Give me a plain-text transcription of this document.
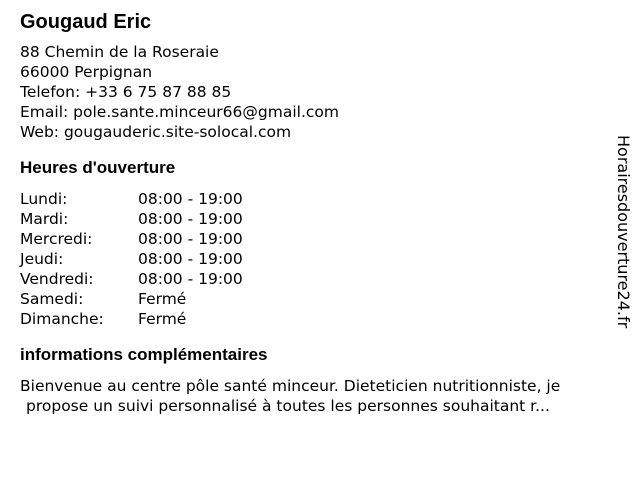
Gougaud Eric
88 Chemin de la Roseraie
66000 Perpignan
Telefon: +33 6 75 87 88 85
Email: pole.sante.minceur66@gmail.com
Web: gougauderic.site-solocal.com
Heures d'ouverture
Lundi:	08:00 - 19:00
Mardi:	08:00 - 19:00
Mercredi:	08:00 - 19:00
Jeudi:	08:00 - 19:00
Vendredi:	08:00 - 19:00
Samedi:	Fermé
Dimanche:	Fermé
informations complémentaires
Bienvenue au centre pôle santé minceur. Dieteticien nutritionniste, je
propose un suivi personnalisé à toutes les personnes souhaitant r...
Horairesdouverture24.fr
